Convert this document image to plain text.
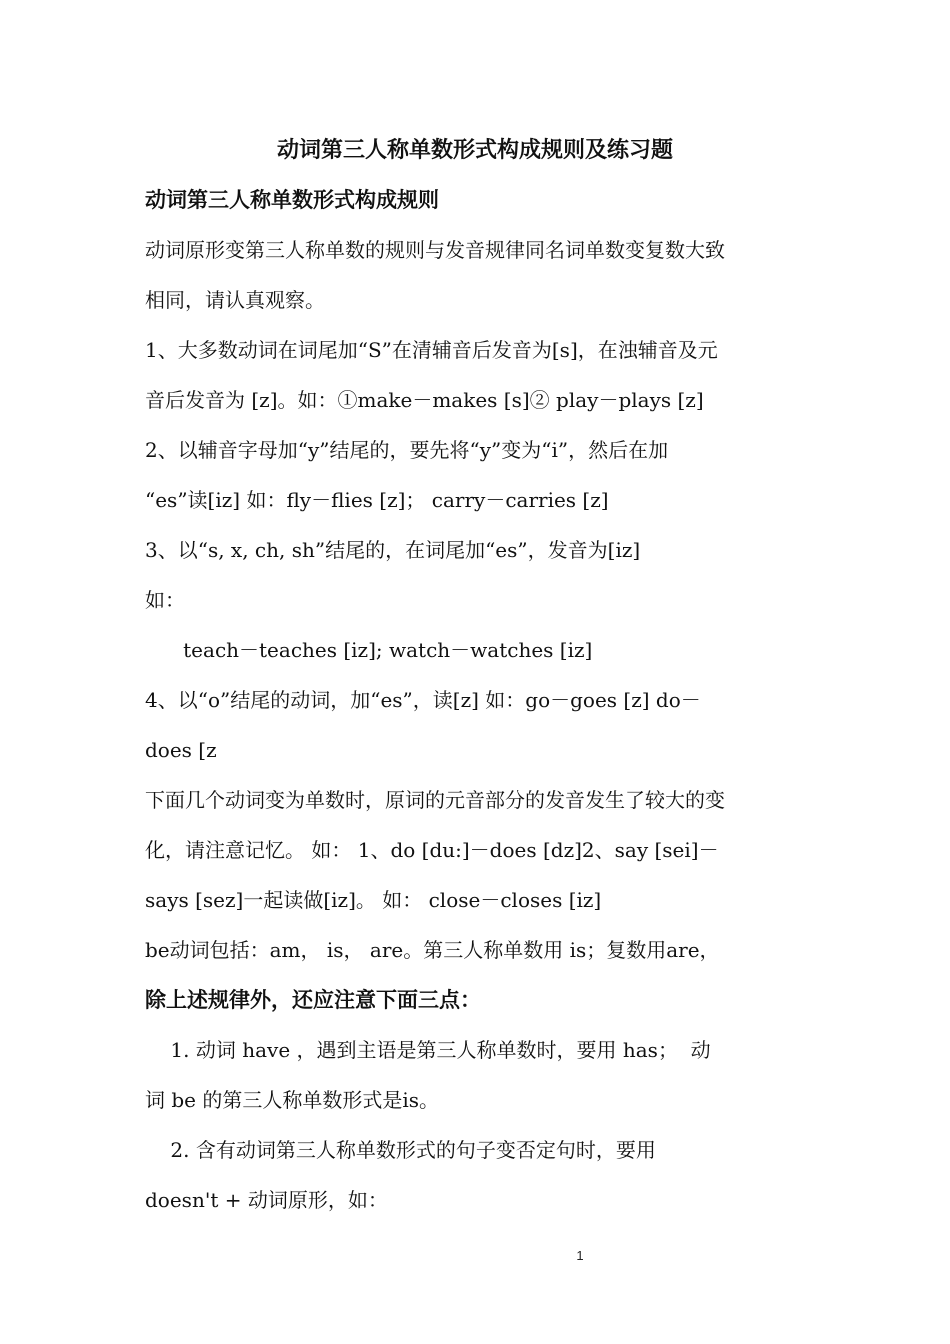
动词第三人称单数形式构成规则及练习题
动词第三人称单数形式构成规则
动词原形变第三人称单数的规则与发音规律同名词单数变复数大致
相同，请认真观察。
1、大多数动词在词尾加“S”在清辅音后发音为[s]，在浊辅音及元
音后发音为 [z]。如：①make－makes [s]② play－plays [z]
2、以辅音字母加“y”结尾的，要先将“y”变为“i”，然后在加
“es”读[iz] 如：fly－flies [z]； carry－carries [z]
3、以“s, x, ch, sh”结尾的，在词尾加“es”，发音为[iz]
如：
teach－teaches [iz]; watch－watches [iz]
4、以“o”结尾的动词，加“es”，读[z] 如：go－goes [z] do－
does [z
下面几个动词变为单数时，原词的元音部分的发音发生了较大的变
化，请注意记忆。 如： 1、do [du:]－does [dz]2、say [sei]－
says [sez]一起读做[iz]。 如： close－closes [iz]
be动词包括：am， is， are。第三人称单数用 is；复数用are，
除上述规律外，还应注意下面三点：
1. 动词 have ，遇到主语是第三人称单数时，要用 has；  动
词 be 的第三人称单数形式是is。
2. 含有动词第三人称单数形式的句子变否定句时，要用
doesn't + 动词原形，如：
1
